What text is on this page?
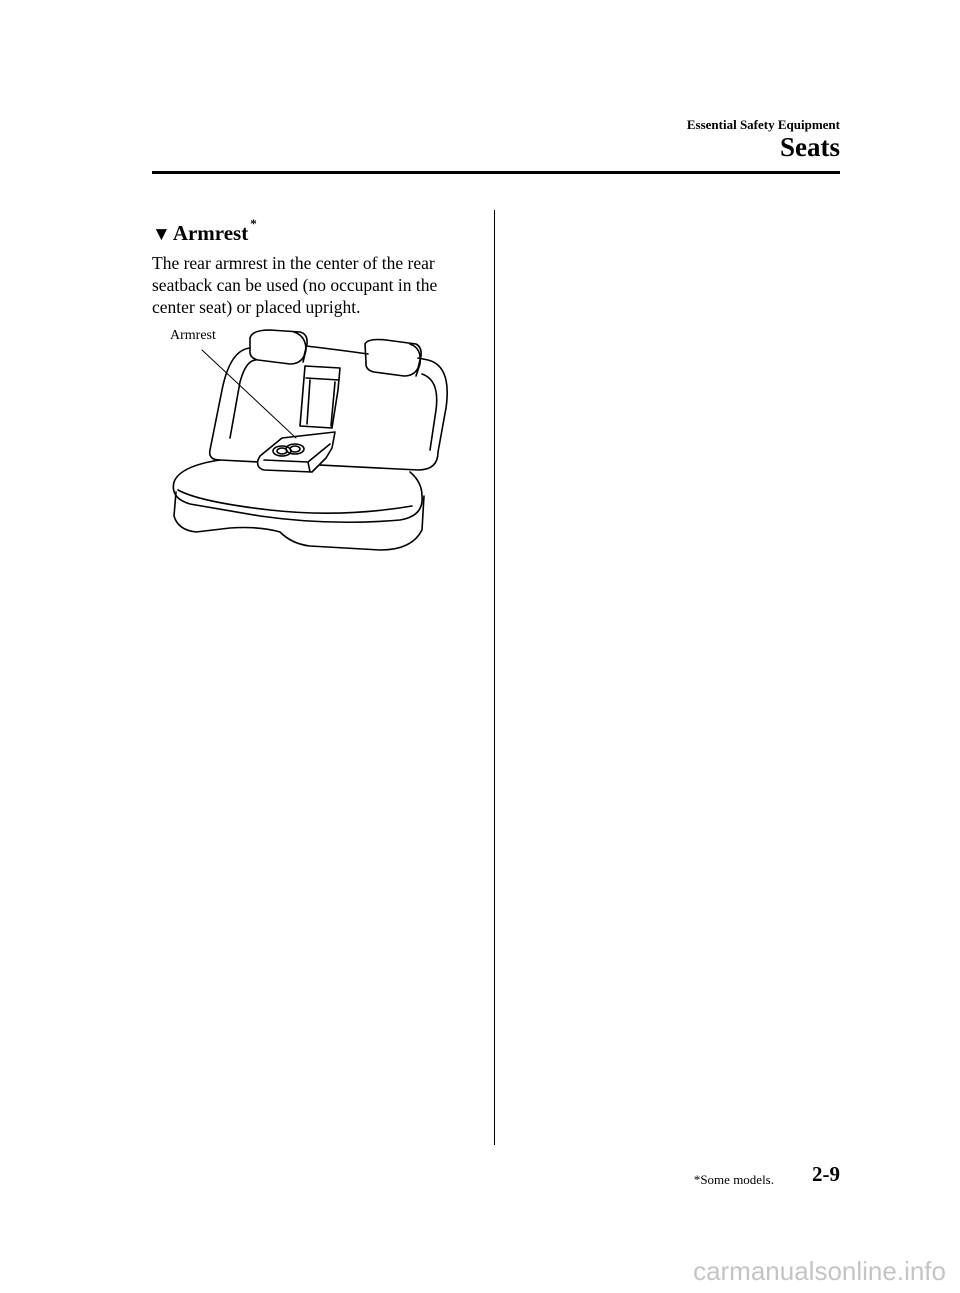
Essential Safety Equipment
Seats
▼Armrest *
The rear armrest in the center of the rear
seatback can be used (no occupant in the
center seat) or placed upright.
Armrest
*Some models. 2-9
carmanualsonline.info
